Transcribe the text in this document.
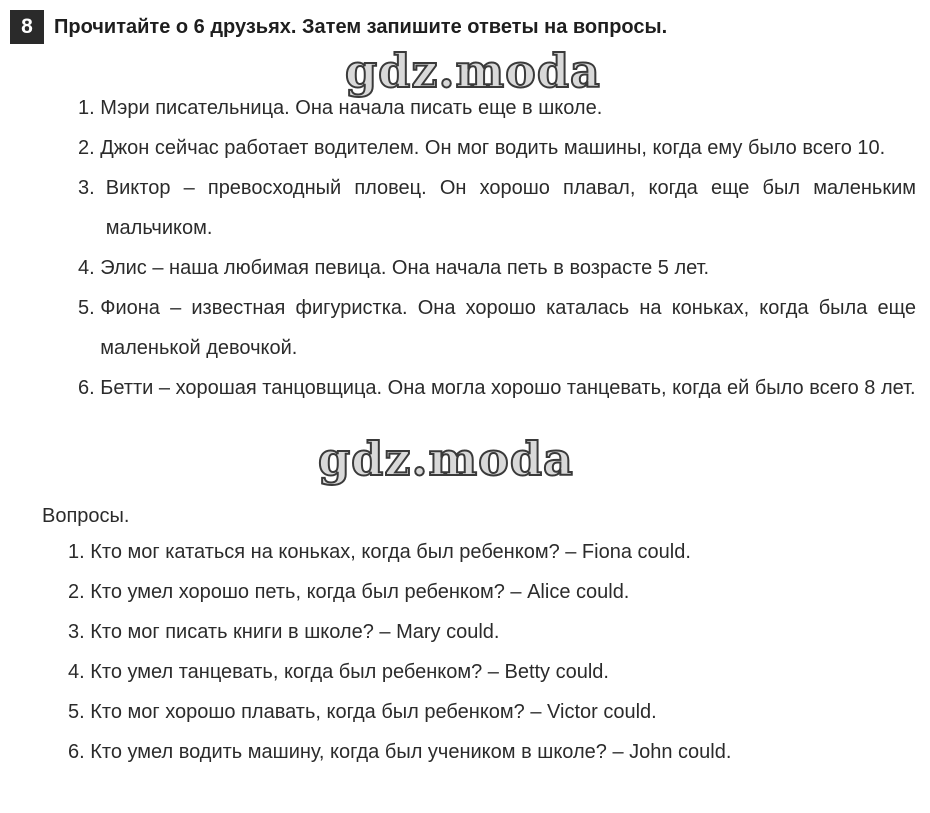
8	Прочитайте о 6 друзьях. Затем запишите ответы на вопросы.
gdz.moda
1. Мэри писательница. Она начала писать еще в школе.
2. Джон сейчас работает водителем. Он мог водить машины, когда ему было всего 10.
3. Виктор – превосходный пловец. Он хорошо плавал, когда еще был маленьким мальчиком.
4. Элис – наша любимая певица. Она начала петь в возрасте 5 лет.
5. Фиона – известная фигуристка. Она хорошо каталась на коньках, когда была еще маленькой девочкой.
6. Бетти – хорошая танцовщица. Она могла хорошо танцевать, когда ей было всего 8 лет.
gdz.moda
Вопросы.
1. Кто мог кататься на коньках, когда был ребенком? – Fiona could.
2. Кто умел хорошо петь, когда был ребенком? – Alice could.
3. Кто мог писать книги в школе? – Mary could.
4. Кто умел танцевать, когда был ребенком? – Betty could.
5. Кто мог хорошо плавать, когда был ребенком? – Victor could.
6. Кто умел водить машину, когда был учеником в школе? – John could.
